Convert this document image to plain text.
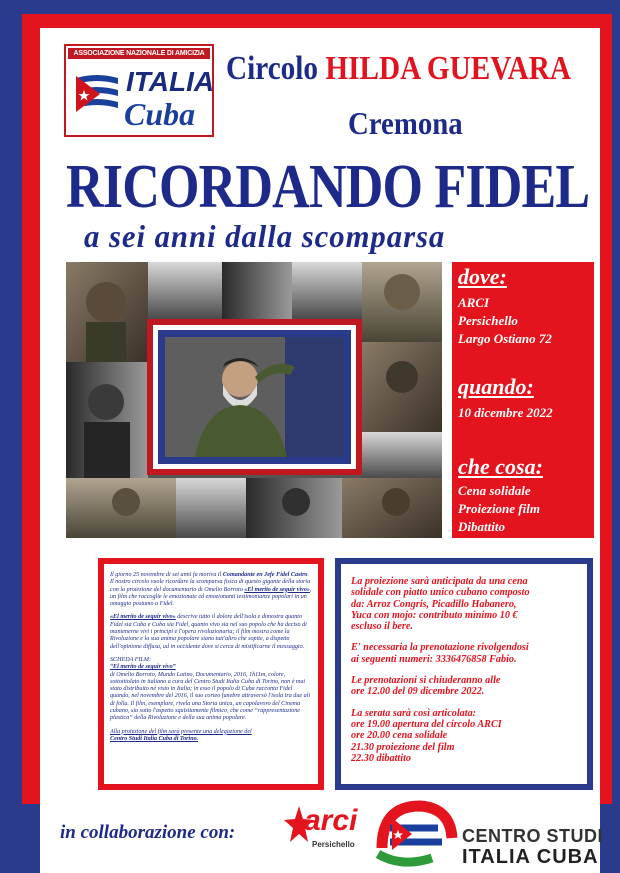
ASSOCIAZIONE NAZIONALE DI AMICIZIA
ITALIA
Cuba
Circolo HILDA GUEVARA
Cremona
RICORDANDO FIDEL
a sei anni dalla scomparsa
dove:
ARCI
Persichello
Largo Ostiano 72
quando:
10 dicembre 2022
che cosa:
Cena solidale
Proiezione film
Dibattito

Il giorno 25 novembre di sei anni fa moriva il Comandante en Jefe Fidel Castro. Il nostro circolo vuole ricordare la scomparsa fisica di questo gigante della storia con la proiezione del documentario di Omelio Borroto «El merito de seguir vivo», un film che raccoglie le emozionate ed emozionanti testimonianze popolari in un omaggio postumo a Fidel.

«El merito de seguir vivo» descrive tutto il dolore dell'isola e dimostra quanto Fidel sia Cuba e Cuba sia Fidel, quanto vivo sia nel suo popolo che ha deciso di mantenerne vivi i principi e l'opera rivoluzionaria; il film mostra come la Rivoluzione e la sua anima popolare siano tutt'altro che sopite, a dispetto dell'opinione diffusa, ad in occidente dove si cerca di mistificarne il messaggio.

SCHEDA FILM:

“El merito de seguir vivo”

di Omelio Borroto, Mundo Latino, Documentario, 2016, 1h11m, colore, sottotitolato in italiano a cura del Centro Studi Italia Cuba di Torino, non è mai stato distribuito né visto in Italia; in esso il popolo di Cuba racconta Fidel quando, nel novembre del 2016, il suo corteo funebre attraversò l'isola tra due ali di folla. Il film, esemplare, rivela una Storia unica, un capolavoro del Cinema cubano, sia sotto l'aspetto squisitamente filmico, che come “rappresentazione plastica” della Rivoluzione e della sua anima popolare.

Alla proiezione del film sarà presente una delegazione del

Centro Studi Italia Cuba di Torino.

La proiezione sarà anticipata da una cena

solidale con piatto unico cubano composto

da: Arroz Congris, Picadillo Habanero,

Yuca con mojo: contributo minimo 10 €

escluso il bere.

E' necessaria la prenotazione rivolgendosi

ai seguenti numeri: 3336476858 Fabio.

Le prenotazioni si chiuderanno alle

ore 12.00 del 09 dicembre 2022.

La serata sarà così articolata:

ore 19.00 apertura del circolo ARCI

ore 20.00 cena solidale

21.30 proiezione del film

22.30 dibattito

in collaborazione con: arci
Persichello	CENTRO STUDI
ITALIA CUBA
